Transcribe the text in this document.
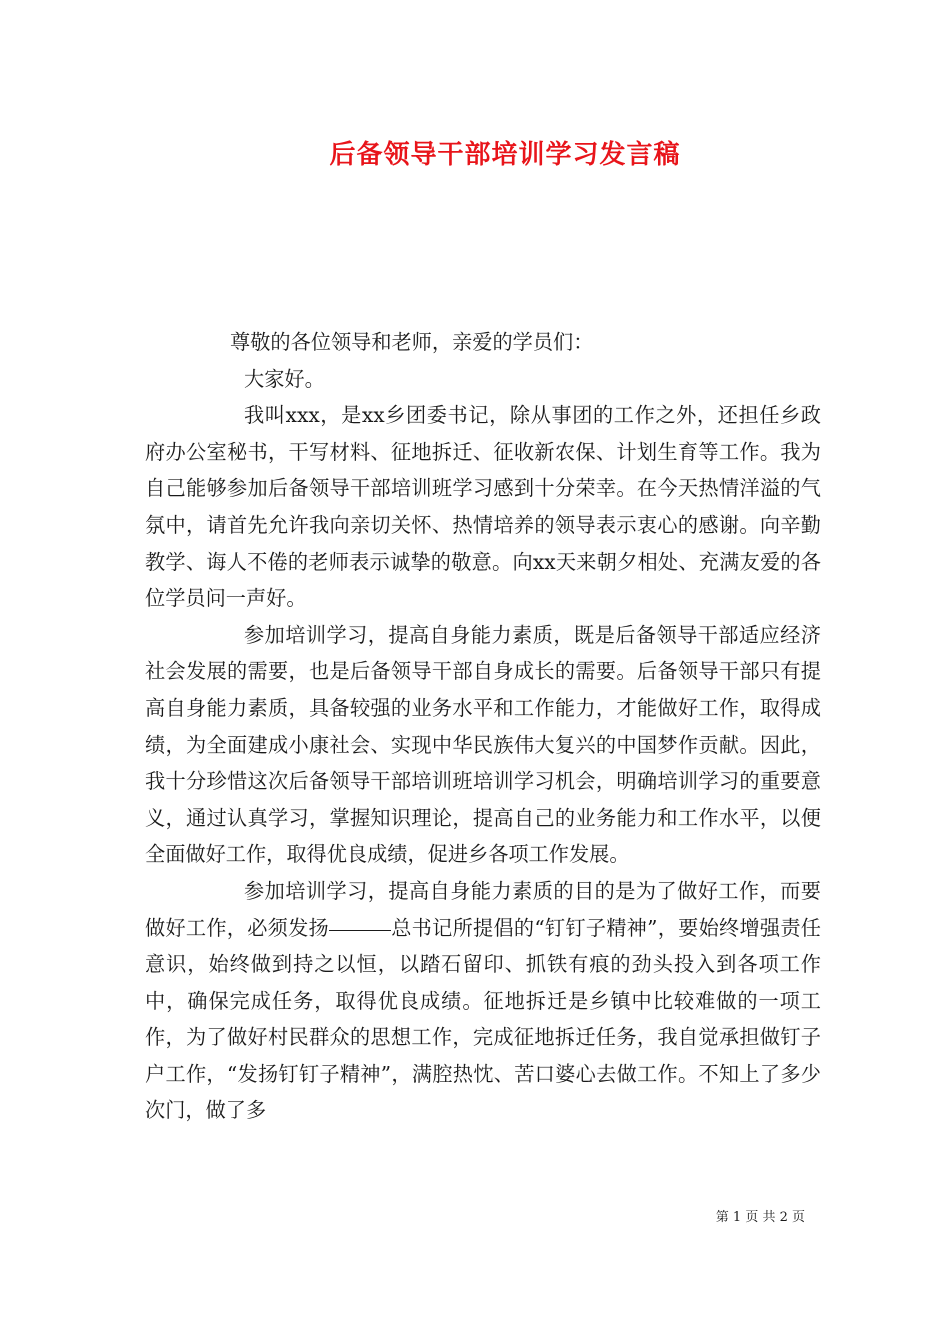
后备领导干部培训学习发言稿

尊敬的各位领导和老师，亲爱的学员们：

大家好。

我叫xxx，是xx乡团委书记，除从事团的工作之外，还担任乡政府办公室秘书，干写材料、征地拆迁、征收新农保、计划生育等工作。我为自己能够参加后备领导干部培训班学习感到十分荣幸。在今天热情洋溢的气氛中，请首先允许我向亲切关怀、热情培养的领导表示衷心的感谢。向辛勤教学、诲人不倦的老师表示诚挚的敬意。向xx天来朝夕相处、充满友爱的各位学员问一声好。

参加培训学习，提高自身能力素质，既是后备领导干部适应经济社会发展的需要，也是后备领导干部自身成长的需要。后备领导干部只有提高自身能力素质，具备较强的业务水平和工作能力，才能做好工作，取得成绩，为全面建成小康社会、实现中华民族伟大复兴的中国梦作贡献。因此，我十分珍惜这次后备领导干部培训班培训学习机会，明确培训学习的重要意义，通过认真学习，掌握知识理论，提高自己的业务能力和工作水平，以便全面做好工作，取得优良成绩，促进乡各项工作发展。

参加培训学习，提高自身能力素质的目的是为了做好工作，而要做好工作，必须发扬	总书记所提倡的“钉钉子精神”，要始终增强责任意识，始终做到持之以恒，以踏石留印、抓铁有痕的劲头投入到各项工作中，确保完成任务，取得优良成绩。征地拆迁是乡镇中比较难做的一项工作，为了做好村民群众的思想工作，完成征地拆迁任务，我自觉承担做钉子户工作，“发扬钉钉子精神”，满腔热忱、苦口婆心去做工作。不知上了多少次门，做了多

第 1 页 共 2 页
